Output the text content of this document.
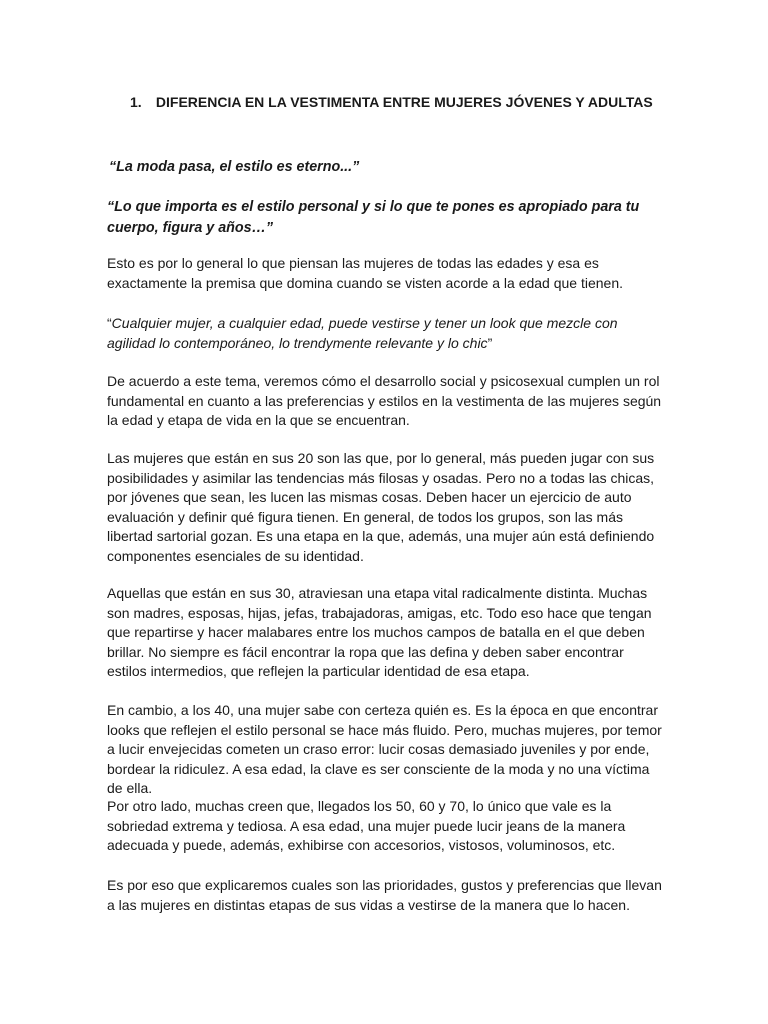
1. DIFERENCIA EN LA VESTIMENTA ENTRE MUJERES JÓVENES Y ADULTAS

“La moda pasa, el estilo es eterno...”

“Lo que importa es el estilo personal y si lo que te pones es apropiado para tu cuerpo, figura y años…”

Esto es por lo general lo que piensan las mujeres de todas las edades y esa es exactamente la premisa que domina cuando se visten acorde a la edad que tienen.

“Cualquier mujer, a cualquier edad, puede vestirse y tener un look que mezcle con agilidad lo contemporáneo, lo trendymente relevante y lo chic”

De acuerdo a este tema, veremos cómo el desarrollo social y psicosexual cumplen un rol fundamental en cuanto a las preferencias y estilos en la vestimenta de las mujeres según la edad y etapa de vida en la que se encuentran.

Las mujeres que están en sus 20 son las que, por lo general, más pueden jugar con sus posibilidades y asimilar las tendencias más filosas y osadas. Pero no a todas las chicas, por jóvenes que sean, les lucen las mismas cosas. Deben hacer un ejercicio de auto evaluación y definir qué figura tienen. En general, de todos los grupos, son las más libertad sartorial gozan. Es una etapa en la que, además, una mujer aún está definiendo componentes esenciales de su identidad.

Aquellas que están en sus 30, atraviesan una etapa vital radicalmente distinta. Muchas son madres, esposas, hijas, jefas, trabajadoras, amigas, etc. Todo eso hace que tengan que repartirse y hacer malabares entre los muchos campos de batalla en el que deben brillar. No siempre es fácil encontrar la ropa que las defina y deben saber encontrar estilos intermedios, que reflejen la particular identidad de esa etapa.

En cambio, a los 40, una mujer sabe con certeza quién es. Es la época en que encontrar looks que reflejen el estilo personal se hace más fluido. Pero, muchas mujeres, por temor a lucir envejecidas cometen un craso error: lucir cosas demasiado juveniles y por ende, bordear la ridiculez. A esa edad, la clave es ser consciente de la moda y no una víctima de ella.

Por otro lado, muchas creen que, llegados los 50, 60 y 70, lo único que vale es la sobriedad extrema y tediosa. A esa edad, una mujer puede lucir jeans de la manera adecuada y puede, además, exhibirse con accesorios, vistosos, voluminosos, etc.

Es por eso que explicaremos cuales son las prioridades, gustos y preferencias que llevan a las mujeres en distintas etapas de sus vidas a vestirse de la manera que lo hacen.
